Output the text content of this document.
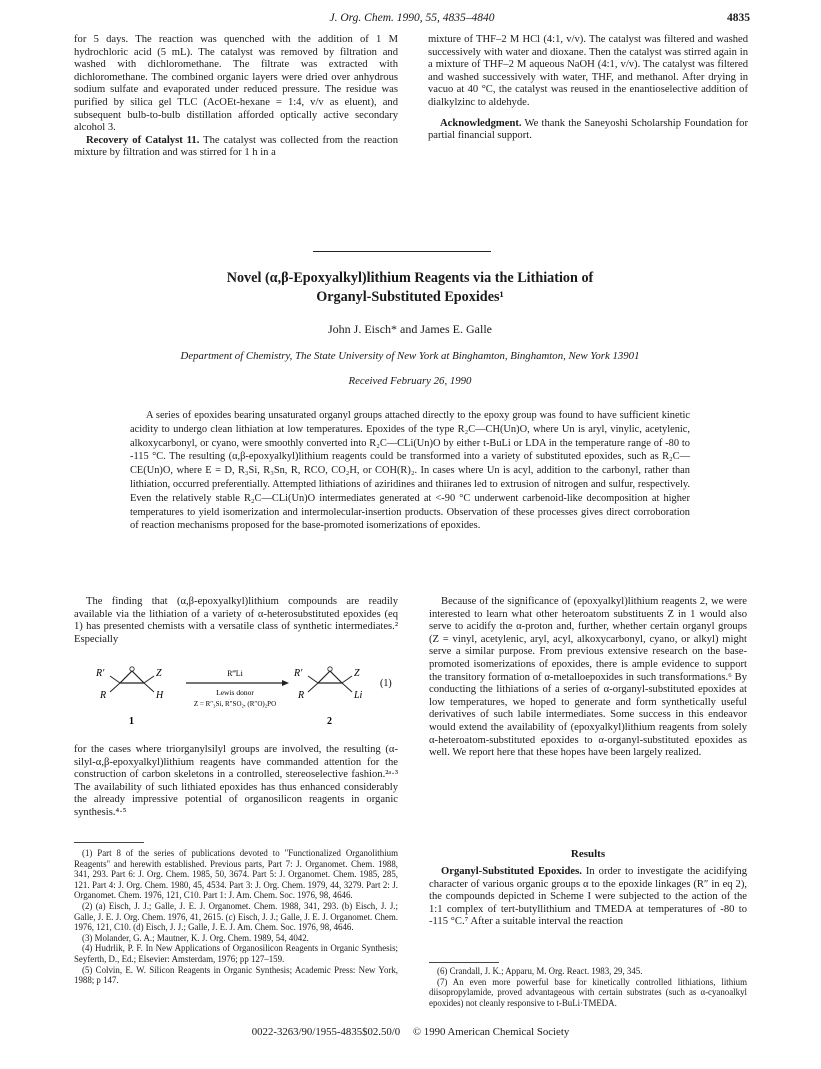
J. Org. Chem. 1990, 55, 4835–4840	4835

for 5 days. The reaction was quenched with the addition of 1 M hydrochloric acid (5 mL). The catalyst was removed by filtration and washed with dichloromethane. The filtrate was extracted with dichloromethane. The combined organic layers were dried over anhydrous sodium sulfate and evaporated under reduced pressure. The residue was purified by silica gel TLC (AcOEt-hexane = 1:4, v/v as eluent), and subsequent bulb-to-bulb distillation afforded optically active secondary alcohol 3.

Recovery of Catalyst 11. The catalyst was collected from the reaction mixture by filtration and was stirred for 1 h in a

mixture of THF–2 M HCl (4:1, v/v). The catalyst was filtered and washed successively with water and dioxane. Then the catalyst was stirred again in a mixture of THF–2 M aqueous NaOH (4:1, v/v). The catalyst was filtered and washed successively with water, THF, and methanol. After drying in vacuo at 40 °C, the catalyst was reused in the enantioselective addition of dialkylzinc to aldehyde.

Acknowledgment. We thank the Saneyoshi Scholarship Foundation for partial financial support.

Novel (α,β-Epoxyalkyl)lithium Reagents via the Lithiation of
Organyl-Substituted Epoxides¹
John J. Eisch* and James E. Galle
Department of Chemistry, The State University of New York at Binghamton, Binghamton, New York 13901
Received February 26, 1990

A series of epoxides bearing unsaturated organyl groups attached directly to the epoxy group was found to have sufficient kinetic acidity to undergo clean lithiation at low temperatures. Epoxides of the type R₂C—CH(Un)O, where Un is aryl, vinylic, acetylenic, alkoxycarbonyl, or cyano, were smoothly converted into R₂C—CLi(Un)O by either t-BuLi or LDA in the temperature range of -80 to -115 °C. The resulting (α,β-epoxyalkyl)lithium reagents could be transformed into a variety of substituted epoxides, such as R₂C—CE(Un)O, where E = D, R₃Si, R₃Sn, R, RCO, CO₂H, or COH(R)₂. In cases where Un is acyl, addition to the carbonyl, rather than lithiation, occurred preferentially. Attempted lithiations of aziridines and thiiranes led to extrusion of nitrogen and sulfur, respectively. Even the relatively stable R₂C—CLi(Un)O intermediates generated at <-90 °C underwent carbenoid-like decomposition at higher temperatures to yield isomerization and intermolecular-insertion products. Observation of these processes gives direct corroboration of reaction mechanisms proposed for the base-promoted isomerizations of epoxides.

The finding that (α,β-epoxyalkyl)lithium compounds are readily available via the lithiation of a variety of α-heterosubstituted epoxides (eq 1) has presented chemists with a versatile class of synthetic intermediates.² Especially

R′
R
Z
H
1
R‴Li
Lewis donor
Z = R″₃Si, R″SO₂, (R″O)₂PO
R′
R
Z
Li
2
(1)

for the cases where triorganylsilyl groups are involved, the resulting (α-silyl-α,β-epoxyalkyl)lithium reagents have commanded attention for the construction of carbon skeletons in a controlled, stereoselective fashion.²ᵃ·³ The availability of such lithiated epoxides has thus enhanced considerably the already impressive potential of organosilicon reagents in organic synthesis.⁴·⁵

(1) Part 8 of the series of publications devoted to "Functionalized Organolithium Reagents" and herewith established. Previous parts, Part 7: J. Organomet. Chem. 1988, 341, 293. Part 6: J. Org. Chem. 1985, 50, 3674. Part 5: J. Organomet. Chem. 1985, 285, 121. Part 4: J. Org. Chem. 1980, 45, 4534. Part 3: J. Org. Chem. 1979, 44, 3279. Part 2: J. Organomet. Chem. 1976, 121, C10. Part 1: J. Am. Chem. Soc. 1976, 98, 4646.

(2) (a) Eisch, J. J.; Galle, J. E. J. Organomet. Chem. 1988, 341, 293. (b) Eisch, J. J.; Galle, J. E. J. Org. Chem. 1976, 41, 2615. (c) Eisch, J. J.; Galle, J. E. J. Organomet. Chem. 1976, 121, C10. (d) Eisch, J. J.; Galle, J. E. J. Am. Chem. Soc. 1976, 98, 4646.

(3) Molander, G. A.; Mautner, K. J. Org. Chem. 1989, 54, 4042.

(4) Hudrlik, P. F. In New Applications of Organosilicon Reagents in Organic Synthesis; Seyferth, D., Ed.; Elsevier: Amsterdam, 1976; pp 127–159.

(5) Colvin, E. W. Silicon Reagents in Organic Synthesis; Academic Press: New York, 1988; p 147.

Because of the significance of (epoxyalkyl)lithium reagents 2, we were interested to learn what other heteroatom substituents Z in 1 would also serve to acidify the α-proton and, further, whether certain organyl groups (Z = vinyl, acetylenic, aryl, acyl, alkoxycarbonyl, cyano, or alkyl) might serve a similar purpose. From previous extensive research on the base-promoted isomerizations of epoxides, there is ample evidence to support the transitory formation of α-metalloepoxides in such transformations.⁶ By conducting the lithiations of a series of α-organyl-substituted epoxides at low temperatures, we hoped to generate and form synthetically useful derivatives of such labile intermediates. Some success in this endeavor would extend the availability of (epoxyalkyl)lithium reagents from solely α-heteroatom-substituted epoxides to α-organyl-substituted epoxides as well. We report here that these hopes have been largely realized.

Results

Organyl-Substituted Epoxides. In order to investigate the acidifying character of various organic groups α to the epoxide linkages (R″ in eq 2), the compounds depicted in Scheme I were subjected to the action of the 1:1 complex of tert-butyllithium and TMEDA at temperatures of -80 to -115 °C.⁷ After a suitable interval the reaction

(6) Crandall, J. K.; Apparu, M. Org. React. 1983, 29, 345.

(7) An even more powerful base for kinetically controlled lithiations, lithium diisopropylamide, proved advantageous with certain substrates (such as α-cyanoalkyl epoxides) not cleanly responsive to t-BuLi·TMEDA.

0022-3263/90/1955-4835$02.50/0 © 1990 American Chemical Society
